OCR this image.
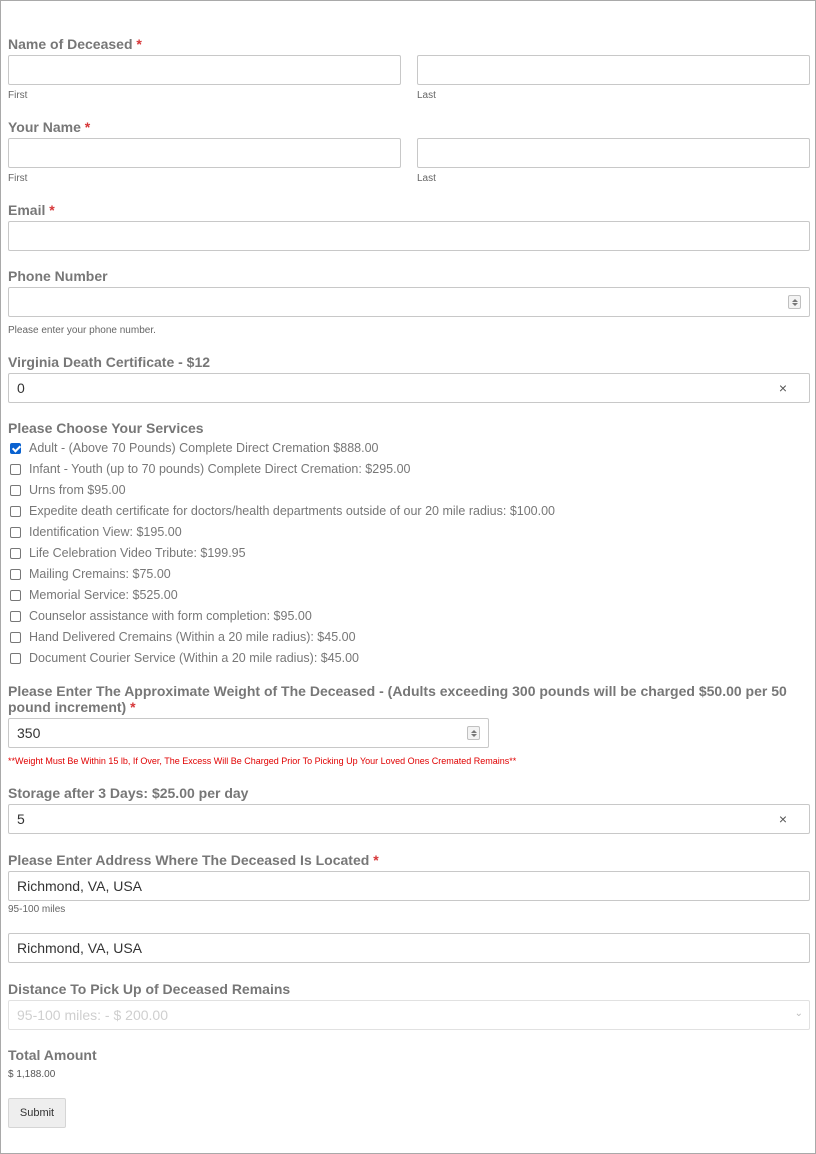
Name of Deceased *
First	Last
Your Name *
First	Last
Email *
Phone Number
Please enter your phone number.
Virginia Death Certificate - $12
0	×
Please Choose Your Services
Adult - (Above 70 Pounds) Complete Direct Cremation $888.00
Infant - Youth (up to 70 pounds) Complete Direct Cremation: $295.00
Urns from $95.00
Expedite death certificate for doctors/health departments outside of our 20 mile radius: $100.00
Identification View: $195.00
Life Celebration Video Tribute: $199.95
Mailing Cremains: $75.00
Memorial Service: $525.00
Counselor assistance with form completion: $95.00
Hand Delivered Cremains (Within a 20 mile radius): $45.00
Document Courier Service (Within a 20 mile radius): $45.00
Please Enter The Approximate Weight of The Deceased - (Adults exceeding 300 pounds will be charged $50.00 per 50 pound increment) *
350
**Weight Must Be Within 15 lb, If Over, The Excess Will Be Charged Prior To Picking Up Your Loved Ones Cremated Remains**
Storage after 3 Days: $25.00 per day
5	×
Please Enter Address Where The Deceased Is Located *
Richmond, VA, USA
95-100 miles
Richmond, VA, USA
Distance To Pick Up of Deceased Remains
95-100 miles: - $ 200.00	⌄
Total Amount
$ 1,188.00
Submit
